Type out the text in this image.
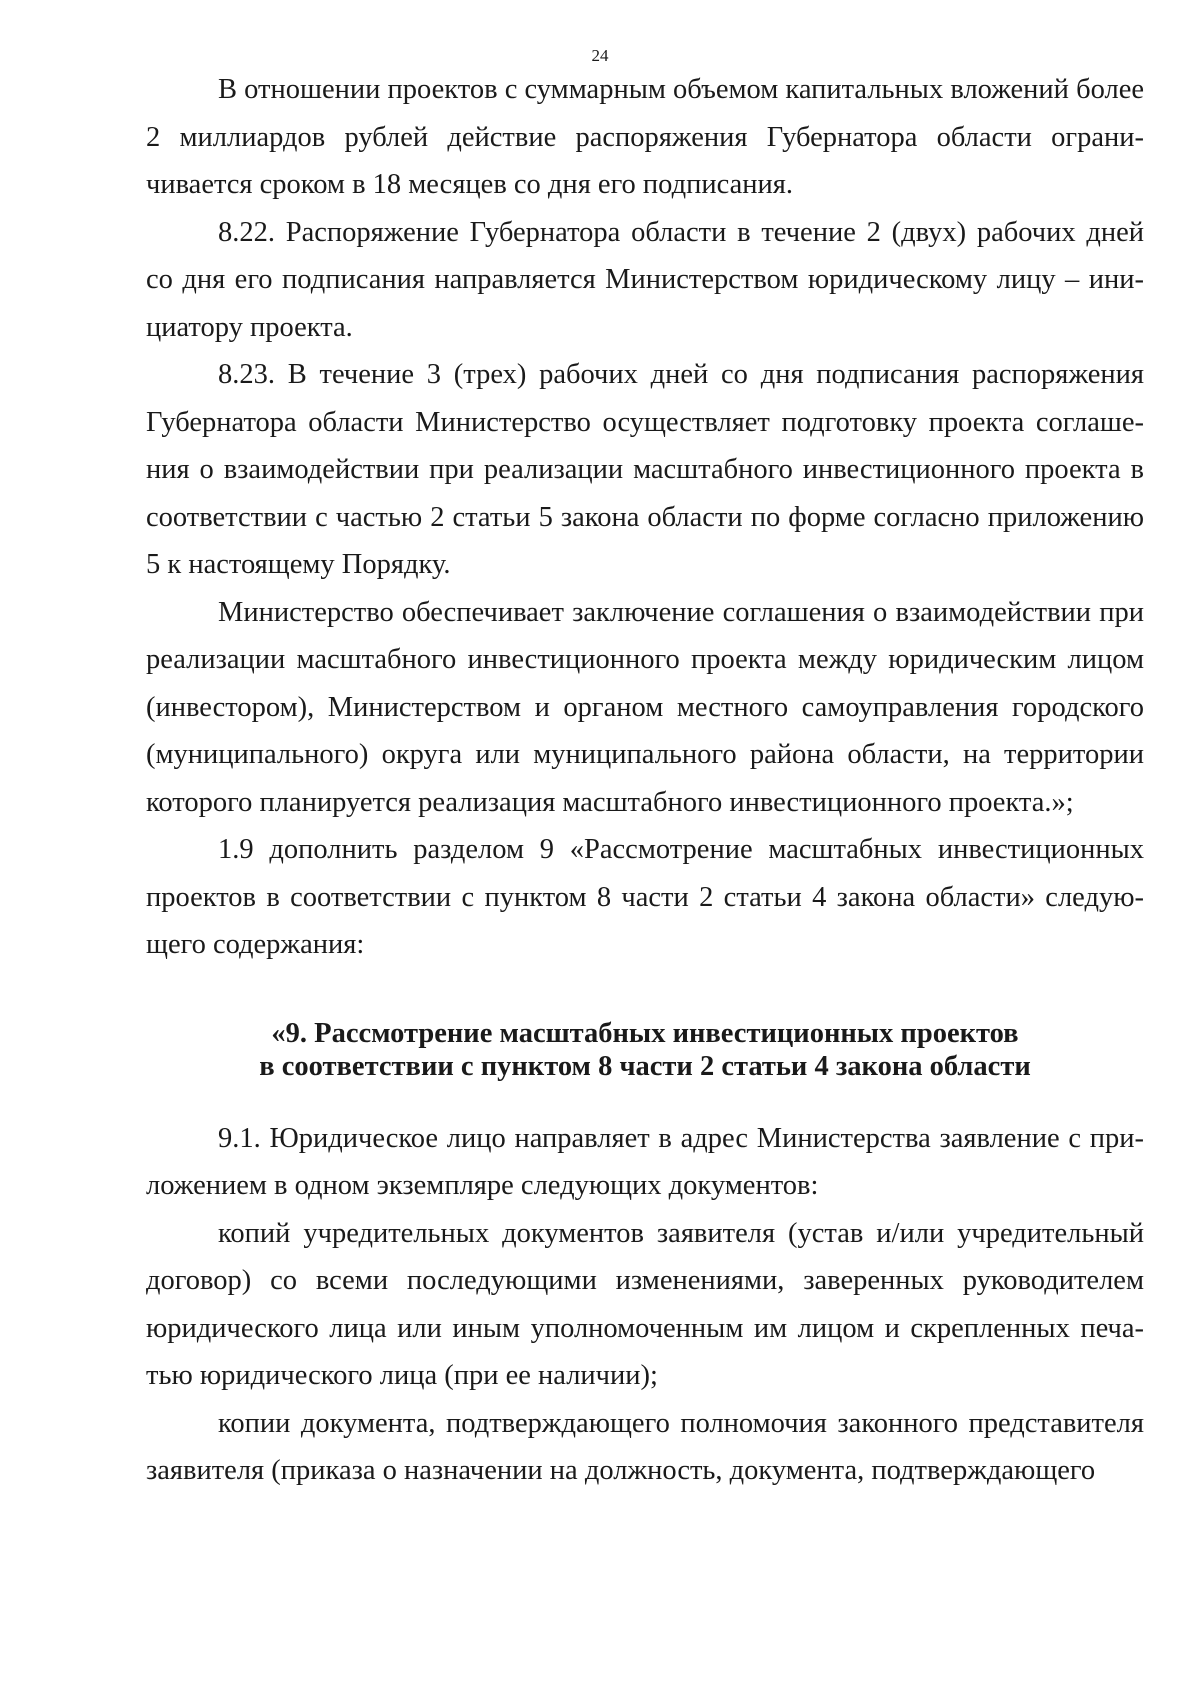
24

В отношении проектов с суммарным объемом капитальных вложений более 2 миллиардов рублей действие распоряжения Губернатора области ограничивается сроком в 18 месяцев со дня его подписания.

8.22. Распоряжение Губернатора области в течение 2 (двух) рабочих дней со дня его подписания направляется Министерством юридическому лицу – инициатору проекта.

8.23. В течение 3 (трех) рабочих дней со дня подписания распоряжения Губернатора области Министерство осуществляет подготовку проекта соглашения о взаимодействии при реализации масштабного инвестиционного проекта в соответствии с частью 2 статьи 5 закона области по форме согласно приложению 5 к настоящему Порядку.

Министерство обеспечивает заключение соглашения о взаимодействии при реализации масштабного инвестиционного проекта между юридическим лицом (инвестором), Министерством и органом местного самоуправления городского (муниципального) округа или муниципального района области, на территории которого планируется реализация масштабного инвестиционного проекта.»;

1.9 дополнить разделом 9 «Рассмотрение масштабных инвестиционных проектов в соответствии с пунктом 8 части 2 статьи 4 закона области» следующего содержания:

«9. Рассмотрение масштабных инвестиционных проектов
в соответствии с пунктом 8 части 2 статьи 4 закона области

9.1. Юридическое лицо направляет в адрес Министерства заявление с приложением в одном экземпляре следующих документов:

копий учредительных документов заявителя (устав и/или учредительный договор) со всеми последующими изменениями, заверенных руководителем юридического лица или иным уполномоченным им лицом и скрепленных печатью юридического лица (при ее наличии);

копии документа, подтверждающего полномочия законного представителя заявителя (приказа о назначении на должность, документа, подтверждающего
